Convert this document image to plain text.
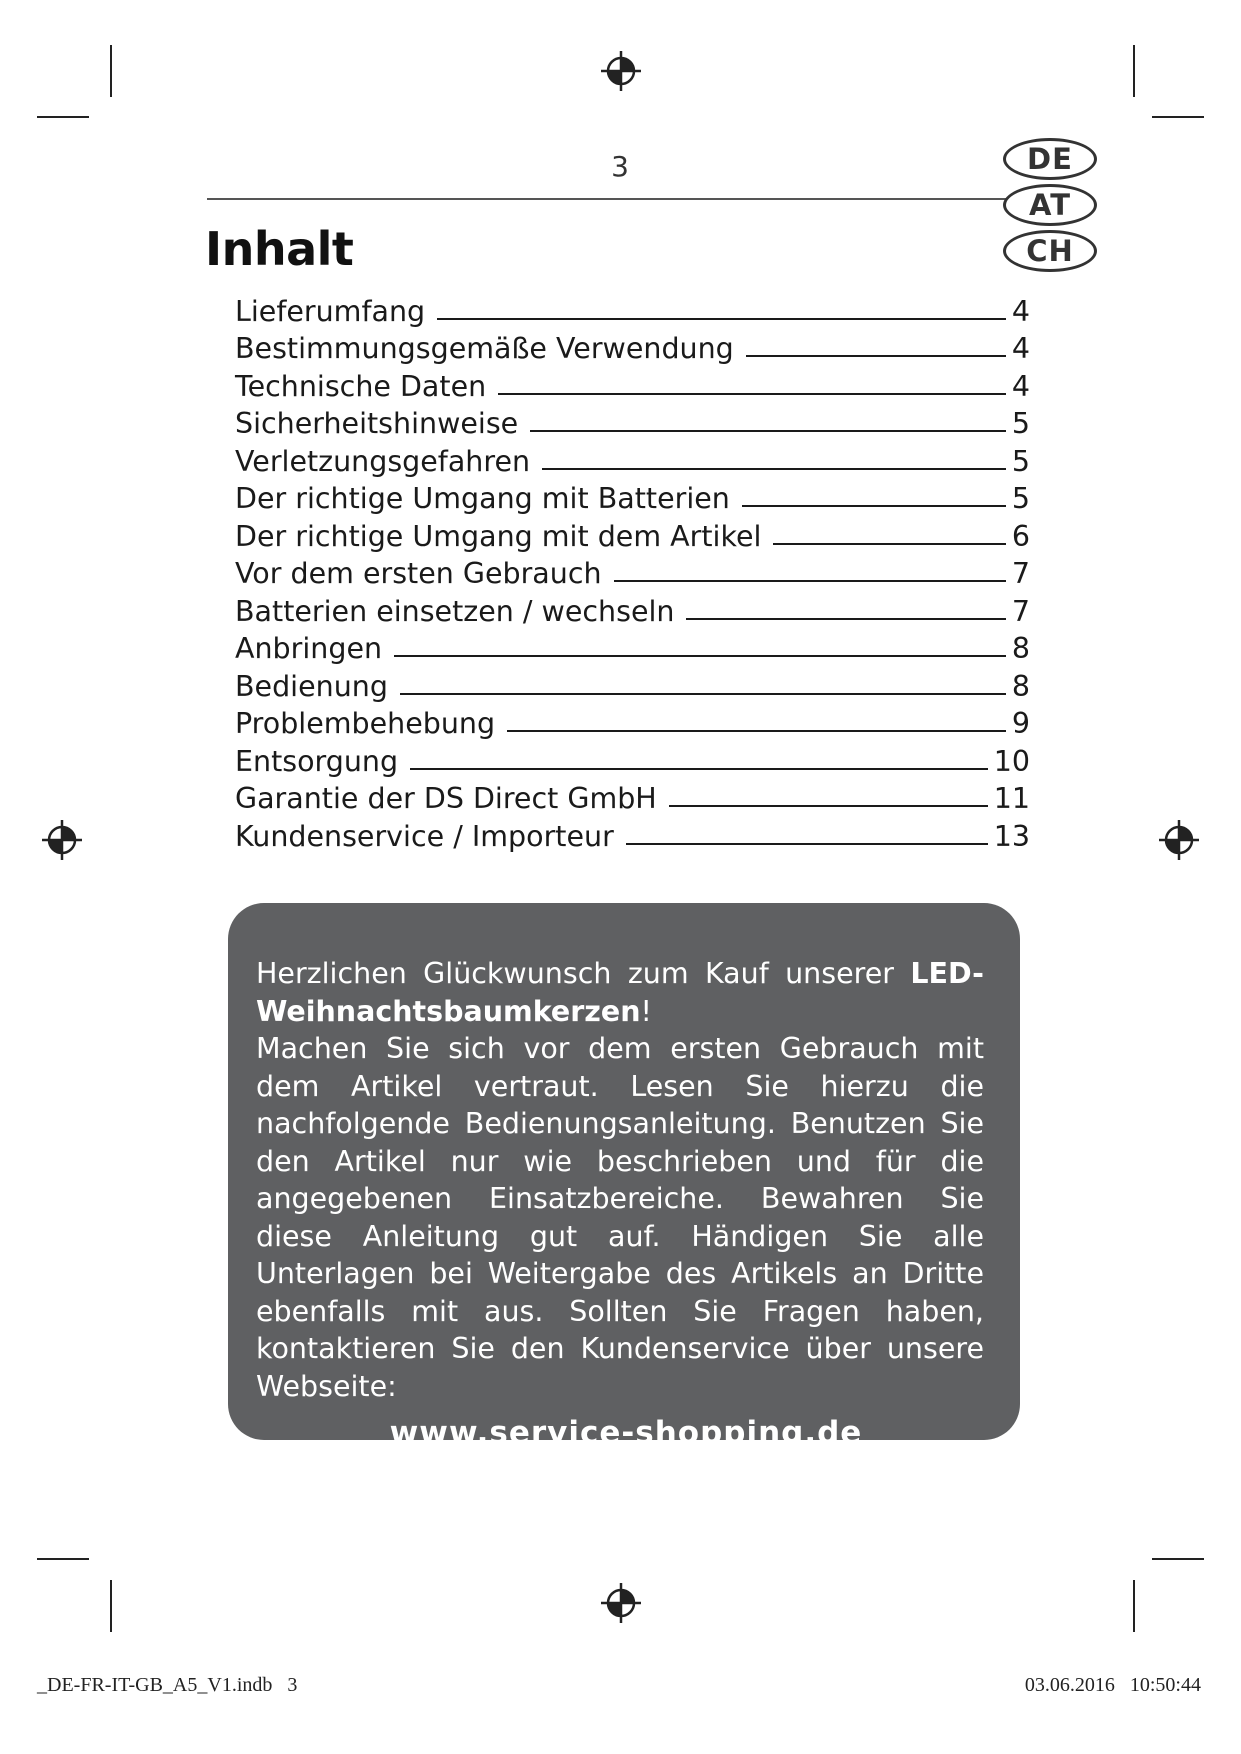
3	DE
AT
CH
Inhalt
Lieferumfang	4
Bestimmungsgemäße Verwendung	4
Technische Daten	4
Sicherheitshinweise	5
Verletzungsgefahren	5
Der richtige Umgang mit Batterien	5
Der richtige Umgang mit dem Artikel	6
Vor dem ersten Gebrauch	7
Batterien einsetzen / wechseln	7
Anbringen	8
Bedienung	8
Problembehebung	9
Entsorgung	10
Garantie der DS Direct GmbH	11
Kundenservice / Importeur	13

Herzlichen Glückwunsch zum Kauf unserer LED-

Weihnachtsbaumkerzen!

Machen Sie sich vor dem ersten Gebrauch mit dem Artikel vertraut. Lesen Sie hierzu die nachfolgende Bedienungsanleitung. Benutzen Sie den Artikel nur wie beschrieben und für die angegebenen Einsatzbereiche. Bewahren Sie diese Anleitung gut auf. Händigen Sie alle Unterlagen bei Weitergabe des Artikels an Dritte ebenfalls mit aus. Sollten Sie Fragen haben, kontaktieren Sie den Kundenservice über unsere Webseite:

www.service-shopping.de
_DE-FR-IT-GB_A5_V1.indb   3	03.06.2016   10:50:44
